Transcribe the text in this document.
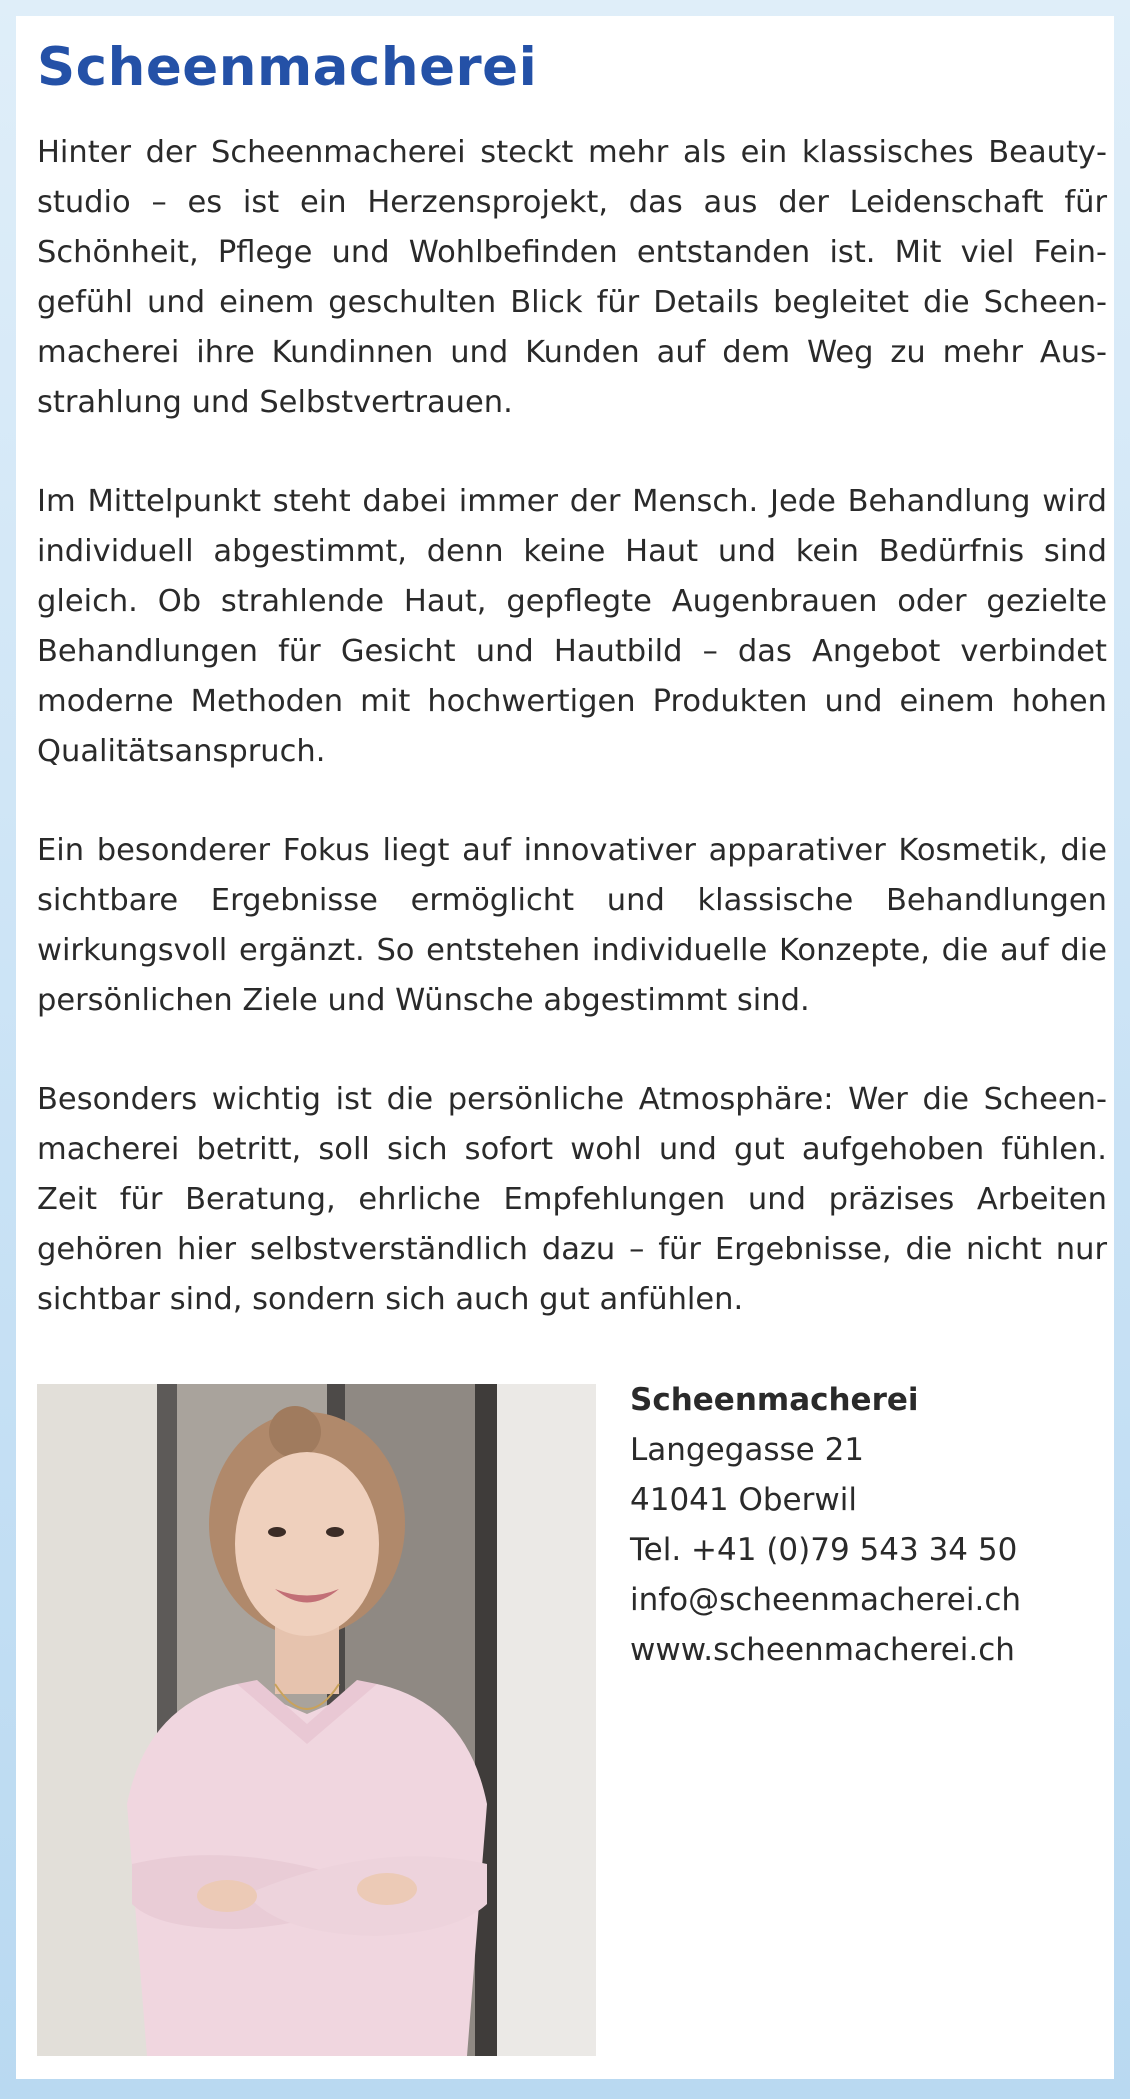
Scheenmacherei

Hinter der Scheenmacherei steckt mehr als ein klassisches Beautystudio – es ist ein Herzensprojekt, das aus der Leidenschaft für Schönheit, Pflege und Wohlbefinden entstanden ist. Mit viel Feingefühl und einem geschulten Blick für Details begleitet die Scheenmacherei ihre Kundinnen und Kunden auf dem Weg zu mehr Ausstrahlung und Selbstvertrauen.

Im Mittelpunkt steht dabei immer der Mensch. Jede Behandlung wird individuell abgestimmt, denn keine Haut und kein Bedürfnis sind gleich. Ob strahlende Haut, gepflegte Augenbrauen oder gezielte Behandlungen für Gesicht und Hautbild – das Angebot verbindet moderne Methoden mit hochwertigen Produkten und einem hohen Qualitätsanspruch.

Ein besonderer Fokus liegt auf innovativer apparativer Kosmetik, die sichtbare Ergebnisse ermöglicht und klassische Behandlungen wirkungsvoll ergänzt. So entstehen individuelle Konzepte, die auf die persönlichen Ziele und Wünsche abgestimmt sind.

Besonders wichtig ist die persönliche Atmosphäre: Wer die Scheenmacherei betritt, soll sich sofort wohl und gut aufgehoben fühlen. Zeit für Beratung, ehrliche Empfehlungen und präzises Arbeiten gehören hier selbstverständlich dazu – für Ergebnisse, die nicht nur sichtbar sind, sondern sich auch gut anfühlen.

Scheenmacherei
Langegasse 21
41041 Oberwil
Tel. +41 (0)79 543 34 50
info@scheenmacherei.ch
www.scheenmacherei.ch
